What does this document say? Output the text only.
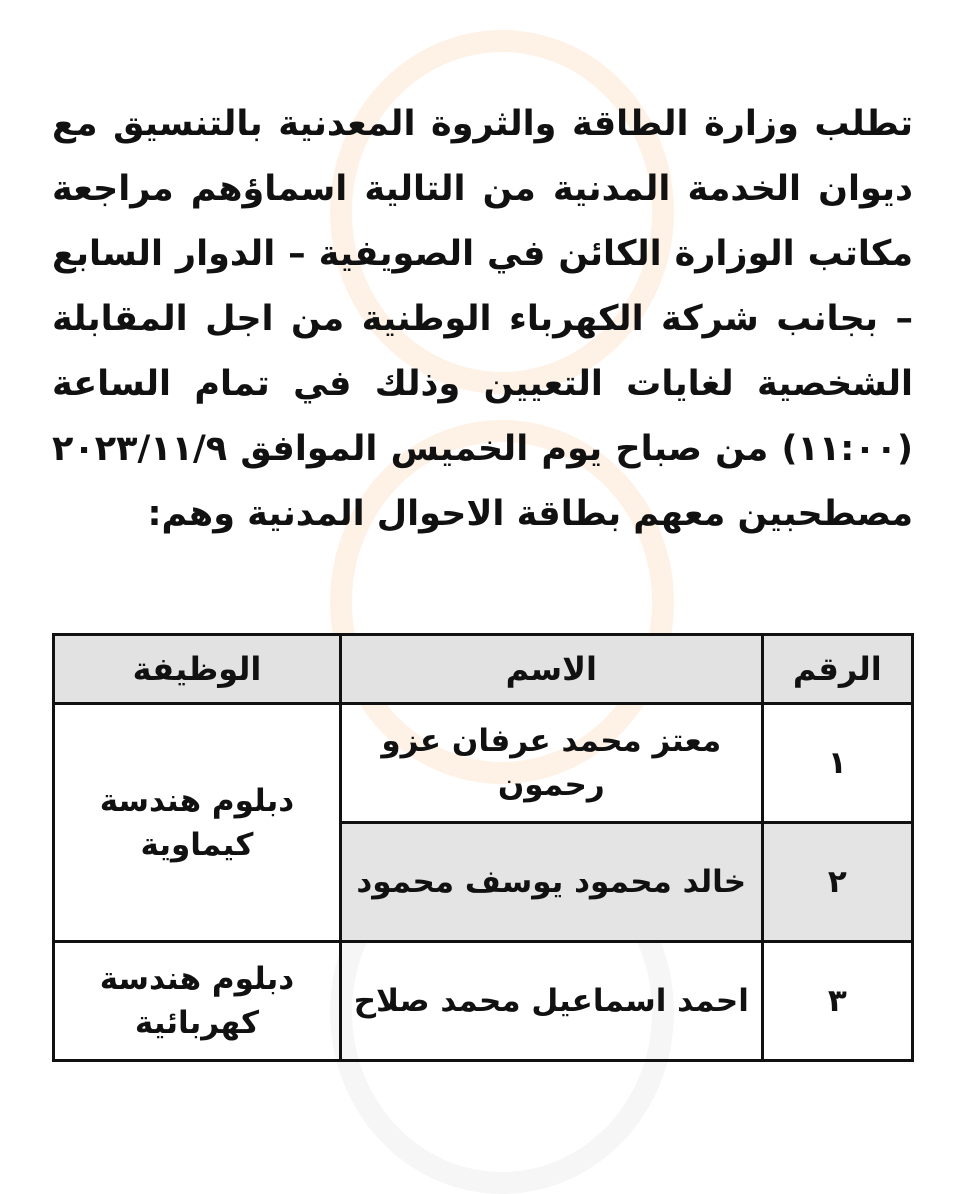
تطلب وزارة الطاقة والثروة المعدنية بالتنسيق مع
ديوان الخدمة المدنية من التالية اسماؤهم مراجعة
مكاتب الوزارة الكائن في الصويفية – الدوار السابع
– بجانب شركة الكهرباء الوطنية من اجل المقابلة
الشخصية لغايات التعيين وذلك في تمام الساعة
(١١:٠٠) من صباح يوم الخميس الموافق ٢٠٢٣/١١/٩
مصطحبين معهم بطاقة الاحوال المدنية وهم:
الرقم	الاسم	الوظيفة
١	معتز محمد عرفان عزو رحمون	دبلوم هندسة كيماوية
٢	خالد محمود يوسف محمود	
٣	احمد اسماعيل محمد صلاح	دبلوم هندسة كهربائية
